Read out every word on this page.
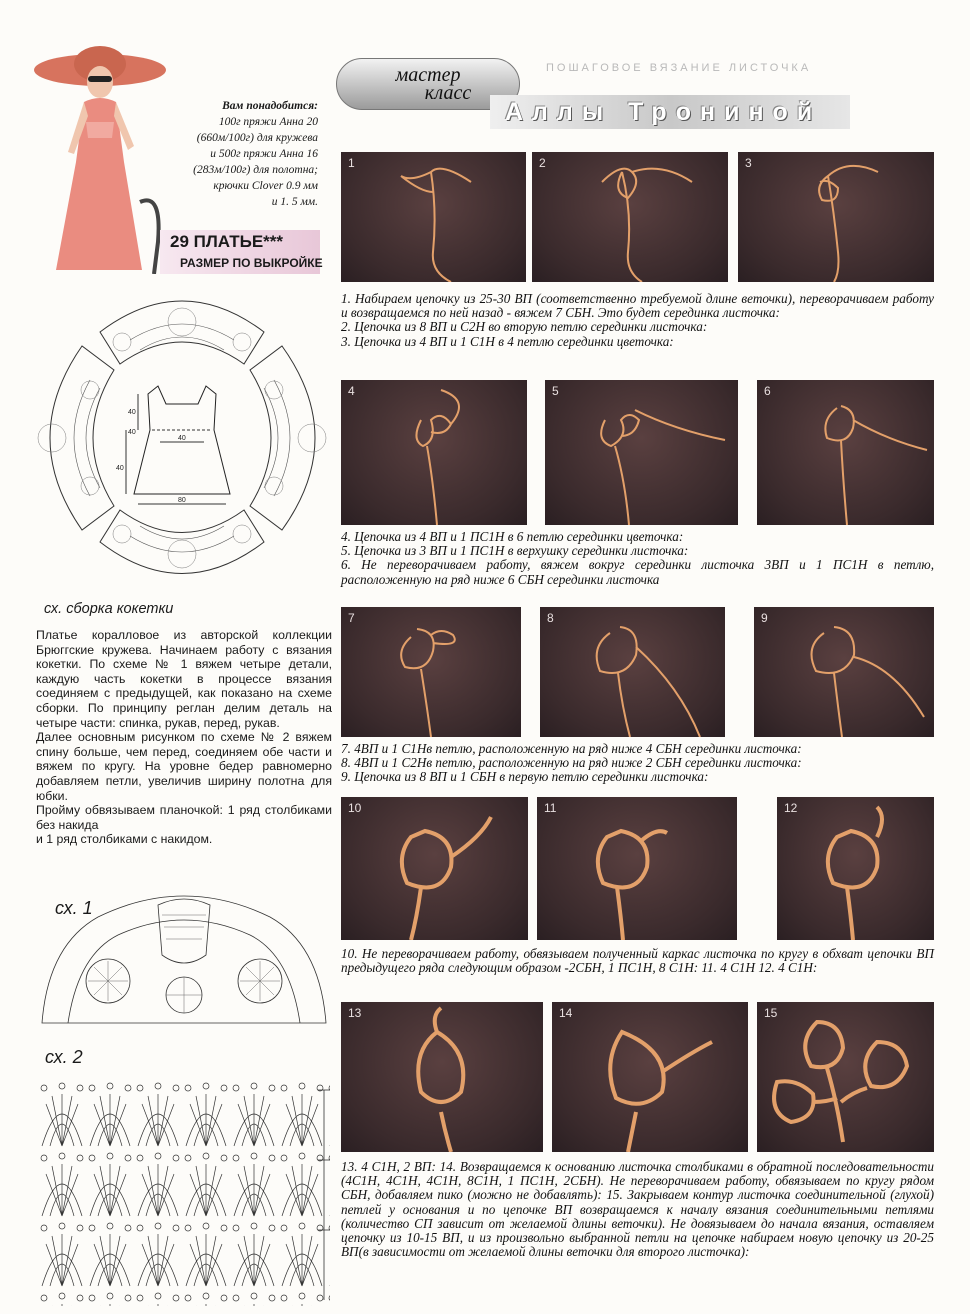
мастер
класс
ПОШАГОВОЕ ВЯЗАНИЕ ЛИСТОЧКА
Аллы Трониной
Вам понадобится:
100г пряжи Анна 20
(660м/100г) для кружева
и 500г пряжи Анна 16
(283м/100г) для полотна;
крючки Clover 0.9 мм
и 1. 5 мм.
29 ПЛАТЬЕ***
РАЗМЕР ПО ВЫКРОЙКЕ
40
40
40
40
80
сх. сборка кокетки

Платье коралловое из авторской коллекции Брюггские кружева. Начинаем работу с вязания кокетки. По схеме № 1 вяжем четыре детали, каждую часть кокетки в процессе вязания соединяем с предыдущей, как показано на схеме сборки. По принципу реглан делим деталь на четыре части: спинка, рукав, перед, рукав.

Далее основным рисунком по схеме № 2 вяжем спину больше, чем перед, соединяем обе части и вяжем по кругу. На уровне бедер равномерно добавляем петли, увеличив ширину полотна для юбки.

Пройму обвязываем планочкой: 1 ряд столбиками без накида

и 1 ряд столбиками с накидом.

сх. 1
сх. 2
1	2	3

1. Набираем цепочку из 25-30 ВП (соответственно требуемой длине веточки), переворачиваем работу и возвращаемся по ней назад - вяжем 7 СБН. Это будет серединка листочка:

2. Цепочка из 8 ВП и С2Н во вторую петлю серединки листочка:

3. Цепочка из 4 ВП и 1 С1Н в 4 петлю серединки цветочка:

4	5	6

4. Цепочка из 4 ВП и 1 ПС1Н в 6 петлю серединки цветочка:

5. Цепочка из 3 ВП и 1 ПС1Н в верхушку серединки листочка:

6. Не переворачиваем работу, вяжем вокруг серединки листочка 3ВП и 1 ПС1Н в петлю, расположенную на ряд ниже 6 СБН серединки листочка

7	8	9

7. 4ВП и 1 С1Нв петлю, расположенную на ряд ниже 4 СБН серединки листочка:

8. 4ВП и 1 С2Нв петлю, расположенную на ряд ниже 2 СБН серединки листочка:

9. Цепочка из 8 ВП и 1 СБН в первую петлю серединки листочка:

10	11	12

10. Не переворачиваем работу, обвязываем полученный каркас листочка по кругу в обхват цепочки ВП предыдущего ряда следующим образом -2СБН, 1 ПС1Н, 8 С1Н: 11. 4 С1Н 12. 4 С1Н:

13	14	15

13. 4 С1Н, 2 ВП: 14. Возвращаемся к основанию листочка столбиками в обратной последовательности (4С1Н, 4С1Н, 4С1Н, 8С1Н, 1 ПС1Н, 2СБН). Не переворачиваем работу, обвязываем по кругу рядом СБН, добавляем пико (можно не добавлять): 15. Закрываем контур листочка соединительной (глухой) петлей у основания и по цепочке ВП возвращаемся к началу вязания соединительными петлями (количество СП зависит от желаемой длины веточки). Не довязываем до начала вязания, оставляем цепочку из 10-15 ВП, и из произвольно выбранной петли на цепочке набираем новую цепочку из 20-25 ВП(в зависимости от желаемой длины веточки для второго листочка):
